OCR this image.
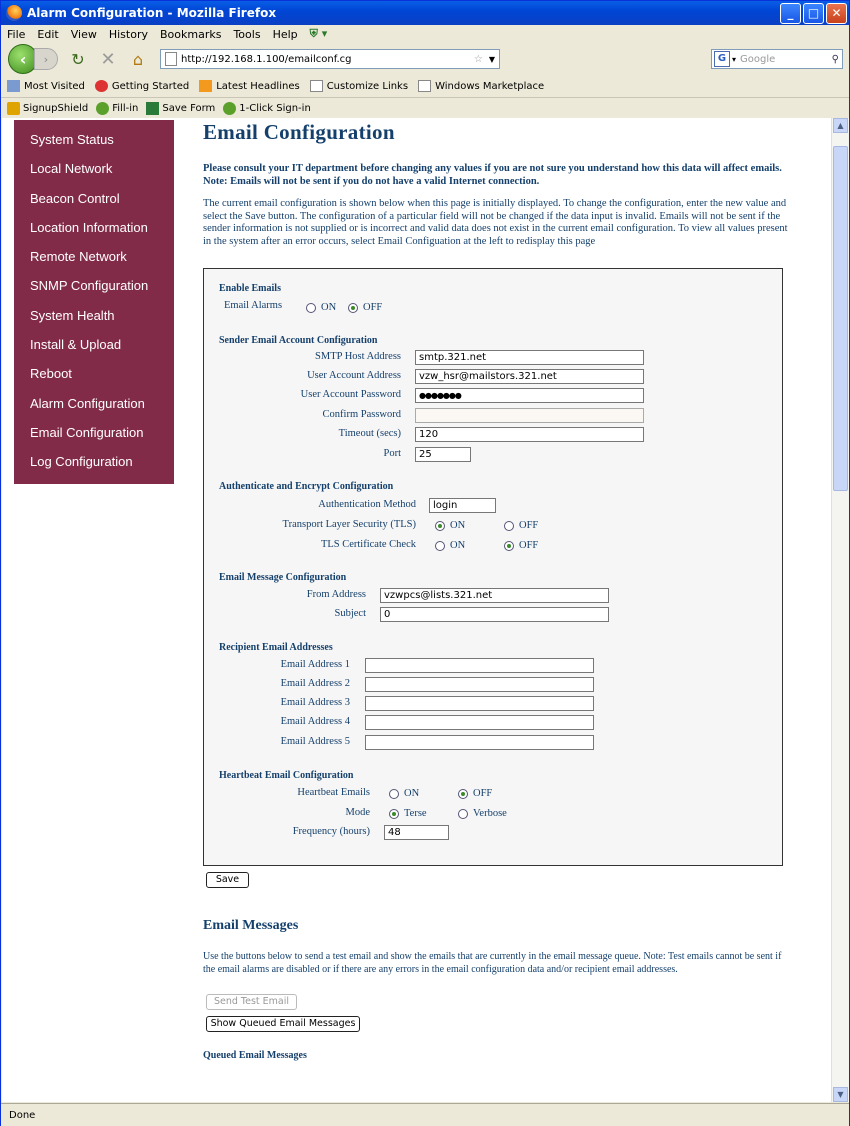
Alarm Configuration - Mozilla Firefox	_	□	✕
File Edit View History Bookmarks Tools Help ⛨ ▾
‹	›	↻ ✕	⌂	http://192.168.1.100/emailconf.cg	☆ ▼	G ▾ Google	⚲
Most Visited	Getting Started	Latest Headlines	Customize Links	Windows Marketplace
SignupShield Fill-in Save Form 1-Click Sign-in
System Status
Local Network
Beacon Control
Location Information
Remote Network
SNMP Configuration
System Health
Install & Upload
Reboot
Alarm Configuration
Email Configuration
Log Configuration
Email Configuration
Please consult your IT department before changing any values if you are not sure you understand how this data will affect emails. Note: Emails will not be sent if you do not have a valid Internet connection.
The current email configuration is shown below when this page is initially displayed. To change the configuration, enter the new value and select the Save button. The configuration of a particular field will not be changed if the data input is invalid. Emails will not be sent if the sender information is not supplied or is incorrect and valid data does not exist in the current email configuration. To view all values present in the system after an error occurs, select Email Configuation at the left to redisplay this page
Enable Emails
Email Alarms	ON	OFF
Sender Email Account Configuration
SMTP Host Address	smtp.321.net
User Account Address	vzw_hsr@mailstors.321.net
User Account Password	●●●●●●●
Confirm Password
Timeout (secs)	120
Port	25
Authenticate and Encrypt Configuration
Authentication Method	login
Transport Layer Security (TLS)	ON	OFF
TLS Certificate Check	ON	OFF
Email Message Configuration
From Address	vzwpcs@lists.321.net
Subject	0
Recipient Email Addresses
Email Address 1
Email Address 2
Email Address 3
Email Address 4
Email Address 5
Heartbeat Email Configuration
Heartbeat Emails	ON	OFF
Mode	Terse	Verbose
Frequency (hours)	48
Save
Email Messages
Use the buttons below to send a test email and show the emails that are currently in the email message queue. Note: Test emails cannot be sent if the email alarms are disabled or if there are any errors in the email configuration data and/or recipient email addresses.
Send Test Email
Show Queued Email Messages
Queued Email Messages
▲
▼
Done
